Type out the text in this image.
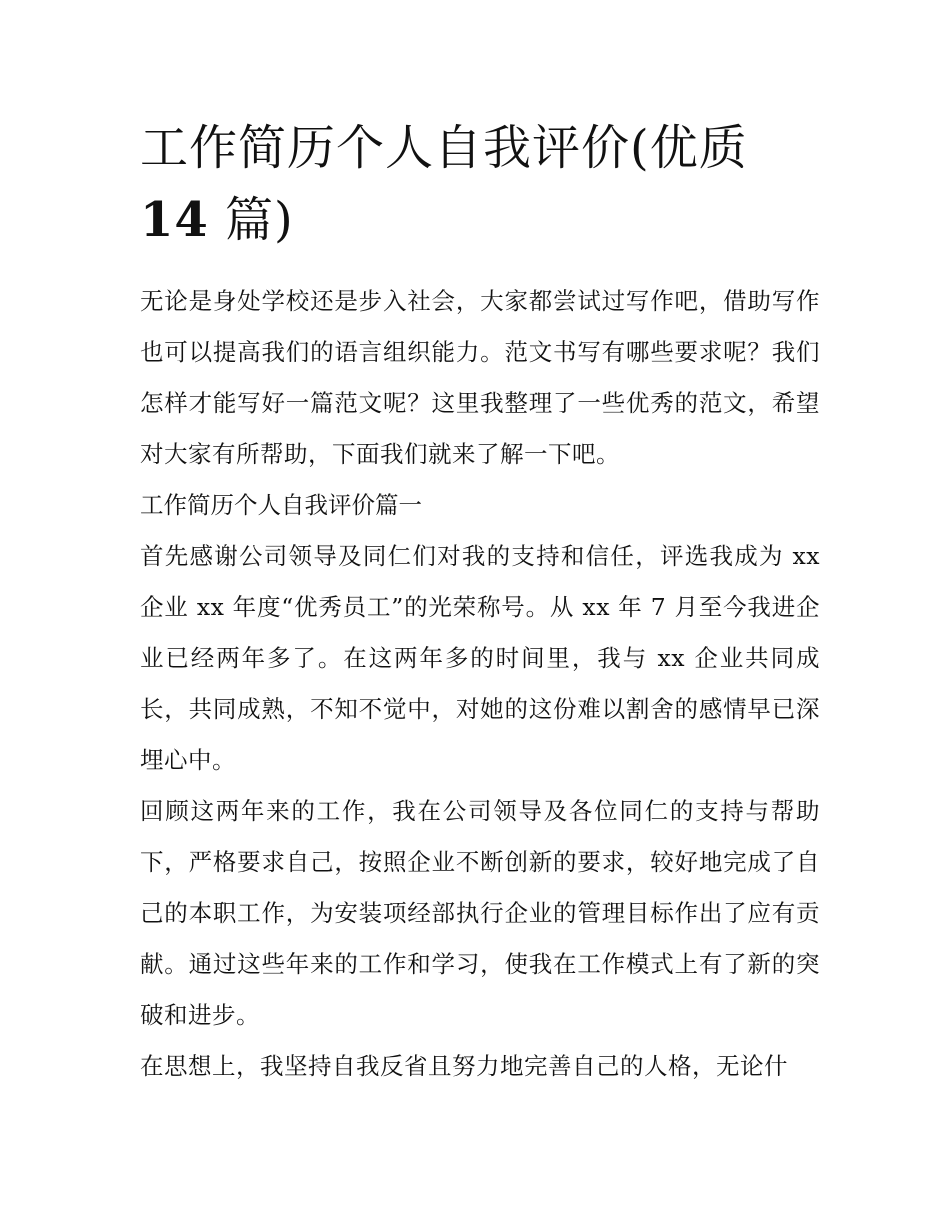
工作简历个人自我评价(优质
14 篇)

无论是身处学校还是步入社会，大家都尝试过写作吧，借助写作也可以提高我们的语言组织能力。范文书写有哪些要求呢？我们怎样才能写好一篇范文呢？这里我整理了一些优秀的范文，希望对大家有所帮助，下面我们就来了解一下吧。

工作简历个人自我评价篇一

首先感谢公司领导及同仁们对我的支持和信任，评选我成为 xx 企业 xx 年度“优秀员工”的光荣称号。从 xx 年 7 月至今我进企业已经两年多了。在这两年多的时间里，我与 xx 企业共同成长，共同成熟，不知不觉中，对她的这份难以割舍的感情早已深埋心中。

回顾这两年来的工作，我在公司领导及各位同仁的支持与帮助下，严格要求自己，按照企业不断创新的要求，较好地完成了自己的本职工作，为安装项经部执行企业的管理目标作出了应有贡献。通过这些年来的工作和学习，使我在工作模式上有了新的突破和进步。

在思想上，我坚持自我反省且努力地完善自己的人格，无论什
